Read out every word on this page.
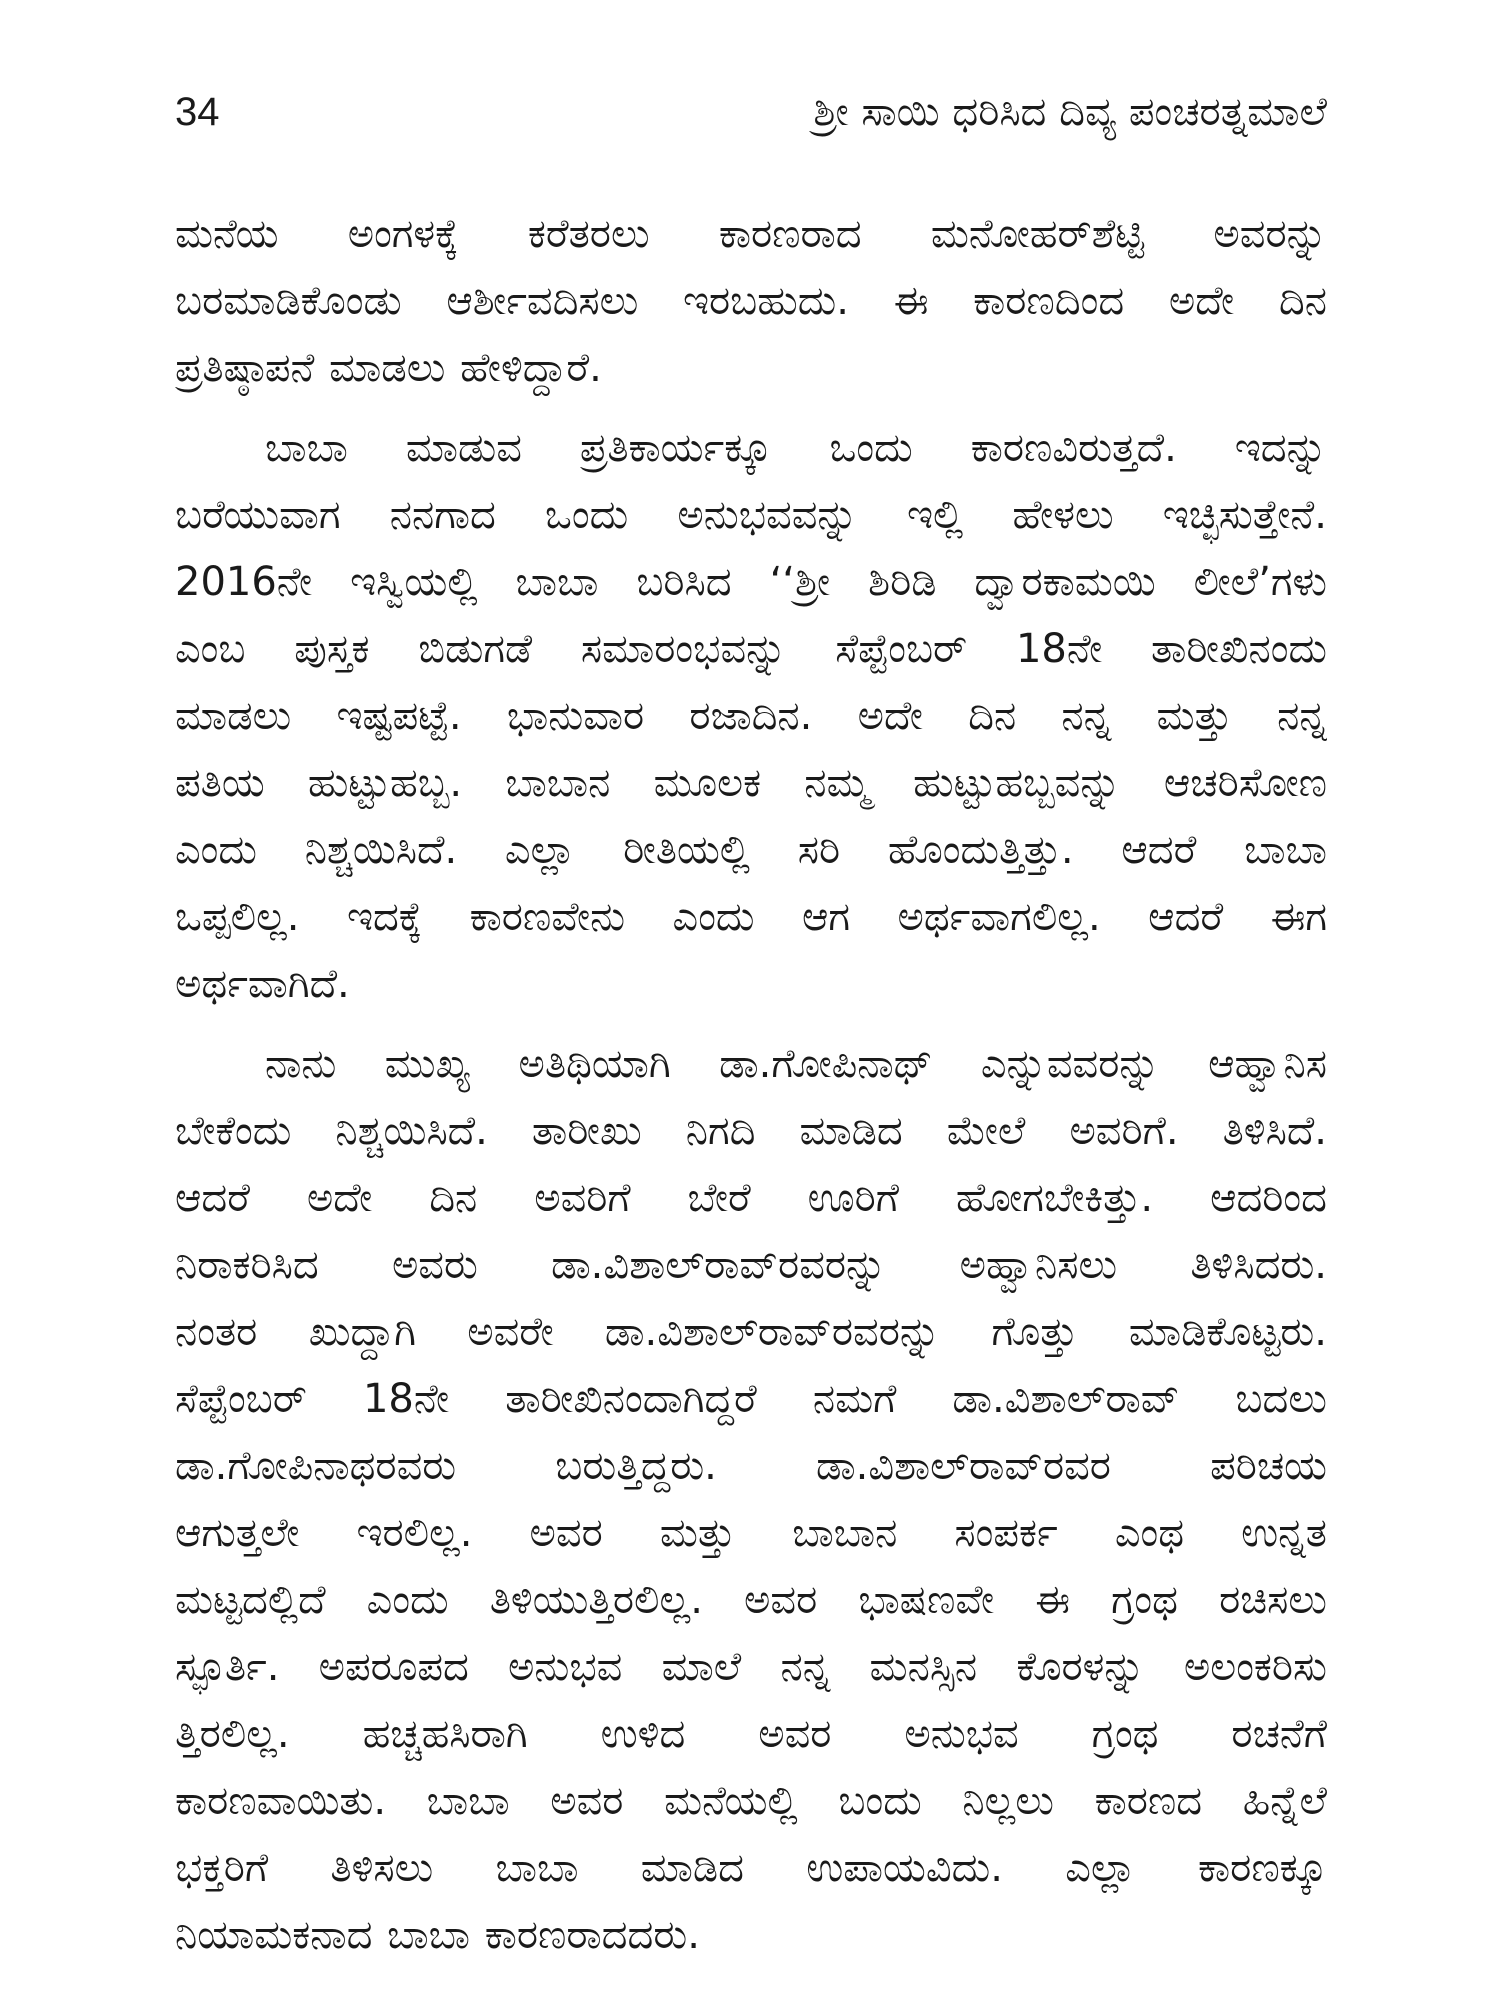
34	ಶ್ರೀ ಸಾಯಿ ಧರಿಸಿದ ದಿವ್ಯ ಪಂಚರತ್ನಮಾಲೆ
ಮನೆಯ ಅಂಗಳಕ್ಕೆ ಕರೆತರಲು ಕಾರಣರಾದ ಮನೋಹರ್‌ಶೆಟ್ಟಿ ಅವರನ್ನು
ಬರಮಾಡಿಕೊಂಡು ಆರ್ಶೀವದಿಸಲು ಇರಬಹುದು. ಈ ಕಾರಣದಿಂದ ಅದೇ ದಿನ
ಪ್ರತಿಷ್ಠಾಪನೆ ಮಾಡಲು ಹೇಳಿದ್ದಾರೆ.
ಬಾಬಾ ಮಾಡುವ ಪ್ರತಿಕಾರ್ಯಕ್ಕೂ ಒಂದು ಕಾರಣವಿರುತ್ತದೆ. ಇದನ್ನು
ಬರೆಯುವಾಗ ನನಗಾದ ಒಂದು ಅನುಭವವನ್ನು ಇಲ್ಲಿ ಹೇಳಲು ಇಚ್ಛಿಸುತ್ತೇನೆ.
2016ನೇ ಇಸ್ವಿಯಲ್ಲಿ ಬಾಬಾ ಬರಿಸಿದ ‘‘ಶ್ರೀ ಶಿರಿಡಿ ದ್ವಾರಕಾಮಯಿ ಲೀಲೆ’ಗಳು
ಎಂಬ ಪುಸ್ತಕ ಬಿಡುಗಡೆ ಸಮಾರಂಭವನ್ನು ಸೆಪ್ಟೆಂಬರ್ 18ನೇ ತಾರೀಖಿನಂದು
ಮಾಡಲು ಇಷ್ಟಪಟ್ಟೆ. ಭಾನುವಾರ ರಜಾದಿನ. ಅದೇ ದಿನ ನನ್ನ ಮತ್ತು ನನ್ನ
ಪತಿಯ ಹುಟ್ಟುಹಬ್ಬ. ಬಾಬಾನ ಮೂಲಕ ನಮ್ಮ ಹುಟ್ಟುಹಬ್ಬವನ್ನು ಆಚರಿಸೋಣ
ಎಂದು ನಿಶ್ಚಯಿಸಿದೆ. ಎಲ್ಲಾ ರೀತಿಯಲ್ಲಿ ಸರಿ ಹೊಂದುತ್ತಿತ್ತು. ಆದರೆ ಬಾಬಾ
ಒಪ್ಪಲಿಲ್ಲ. ಇದಕ್ಕೆ ಕಾರಣವೇನು ಎಂದು ಆಗ ಅರ್ಥವಾಗಲಿಲ್ಲ. ಆದರೆ ಈಗ
ಅರ್ಥವಾಗಿದೆ.
ನಾನು ಮುಖ್ಯ ಅತಿಥಿಯಾಗಿ ಡಾ.ಗೋಪಿನಾಥ್ ಎನ್ನುವವರನ್ನು ಆಹ್ವಾನಿಸ
ಬೇಕೆಂದು ನಿಶ್ಚಯಿಸಿದೆ. ತಾರೀಖು ನಿಗದಿ ಮಾಡಿದ ಮೇಲೆ ಅವರಿಗೆ. ತಿಳಿಸಿದೆ.
ಆದರೆ ಅದೇ ದಿನ ಅವರಿಗೆ ಬೇರೆ ಊರಿಗೆ ಹೋಗಬೇಕಿತ್ತು. ಆದರಿಂದ
ನಿರಾಕರಿಸಿದ ಅವರು ಡಾ.ವಿಶಾಲ್‌ರಾವ್‌ರವರನ್ನು ಅಹ್ವಾನಿಸಲು ತಿಳಿಸಿದರು.
ನಂತರ ಖುದ್ದಾಗಿ ಅವರೇ ಡಾ.ವಿಶಾಲ್‌ರಾವ್‌ರವರನ್ನು ಗೊತ್ತು ಮಾಡಿಕೊಟ್ಟರು.
ಸೆಪ್ಟೆಂಬರ್ 18ನೇ ತಾರೀಖಿನಂದಾಗಿದ್ದರೆ ನಮಗೆ ಡಾ.ವಿಶಾಲ್‌ರಾವ್ ಬದಲು
ಡಾ.ಗೋಪಿನಾಥರವರು ಬರುತ್ತಿದ್ದರು. ಡಾ.ವಿಶಾಲ್‌ರಾವ್‌ರವರ ಪರಿಚಯ
ಆಗುತ್ತಲೇ ಇರಲಿಲ್ಲ. ಅವರ ಮತ್ತು ಬಾಬಾನ ಸಂಪರ್ಕ ಎಂಥ ಉನ್ನತ
ಮಟ್ಟದಲ್ಲಿದೆ ಎಂದು ತಿಳಿಯುತ್ತಿರಲಿಲ್ಲ. ಅವರ ಭಾಷಣವೇ ಈ ಗ್ರಂಥ ರಚಿಸಲು
ಸ್ಫೂರ್ತಿ. ಅಪರೂಪದ ಅನುಭವ ಮಾಲೆ ನನ್ನ ಮನಸ್ಸಿನ ಕೊರಳನ್ನು ಅಲಂಕರಿಸು
ತ್ತಿರಲಿಲ್ಲ. ಹಚ್ಚಹಸಿರಾಗಿ ಉಳಿದ ಅವರ ಅನುಭವ ಗ್ರಂಥ ರಚನೆಗೆ
ಕಾರಣವಾಯಿತು. ಬಾಬಾ ಅವರ ಮನೆಯಲ್ಲಿ ಬಂದು ನಿಲ್ಲಲು ಕಾರಣದ ಹಿನ್ನೆಲೆ
ಭಕ್ತರಿಗೆ ತಿಳಿಸಲು ಬಾಬಾ ಮಾಡಿದ ಉಪಾಯವಿದು. ಎಲ್ಲಾ ಕಾರಣಕ್ಕೂ
ನಿಯಾಮಕನಾದ ಬಾಬಾ ಕಾರಣರಾದದರು.
